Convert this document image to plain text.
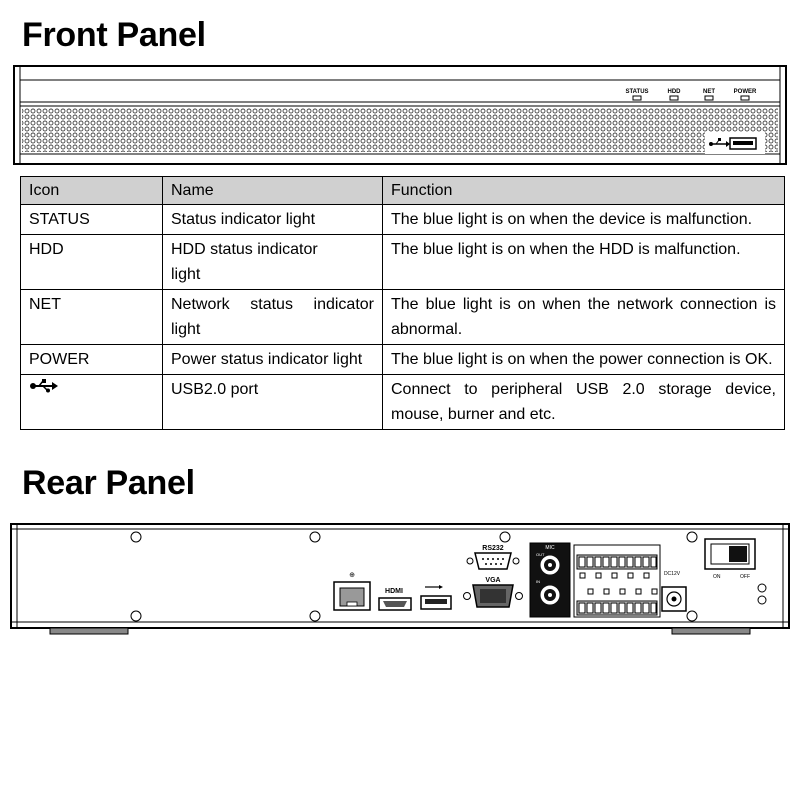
Front Panel
STATUS	HDD	NET	POWER
Icon	Name	Function
STATUS	Status indicator light	The blue light is on when the device is malfunction.
HDD	HDD status indicator light	The blue light is on when the HDD is malfunction.
NET	Network status indicator light	The blue light is on when the network connection is abnormal.
POWER	Power status indicator light	The blue light is on when the power connection is OK.
	USB2.0 port	Connect to peripheral USB 2.0 storage device, mouse, burner and etc.
Rear Panel
⊕
HDMI
RS232
VGA
MIC
OUT
IN
DC12V	ON	OFF
